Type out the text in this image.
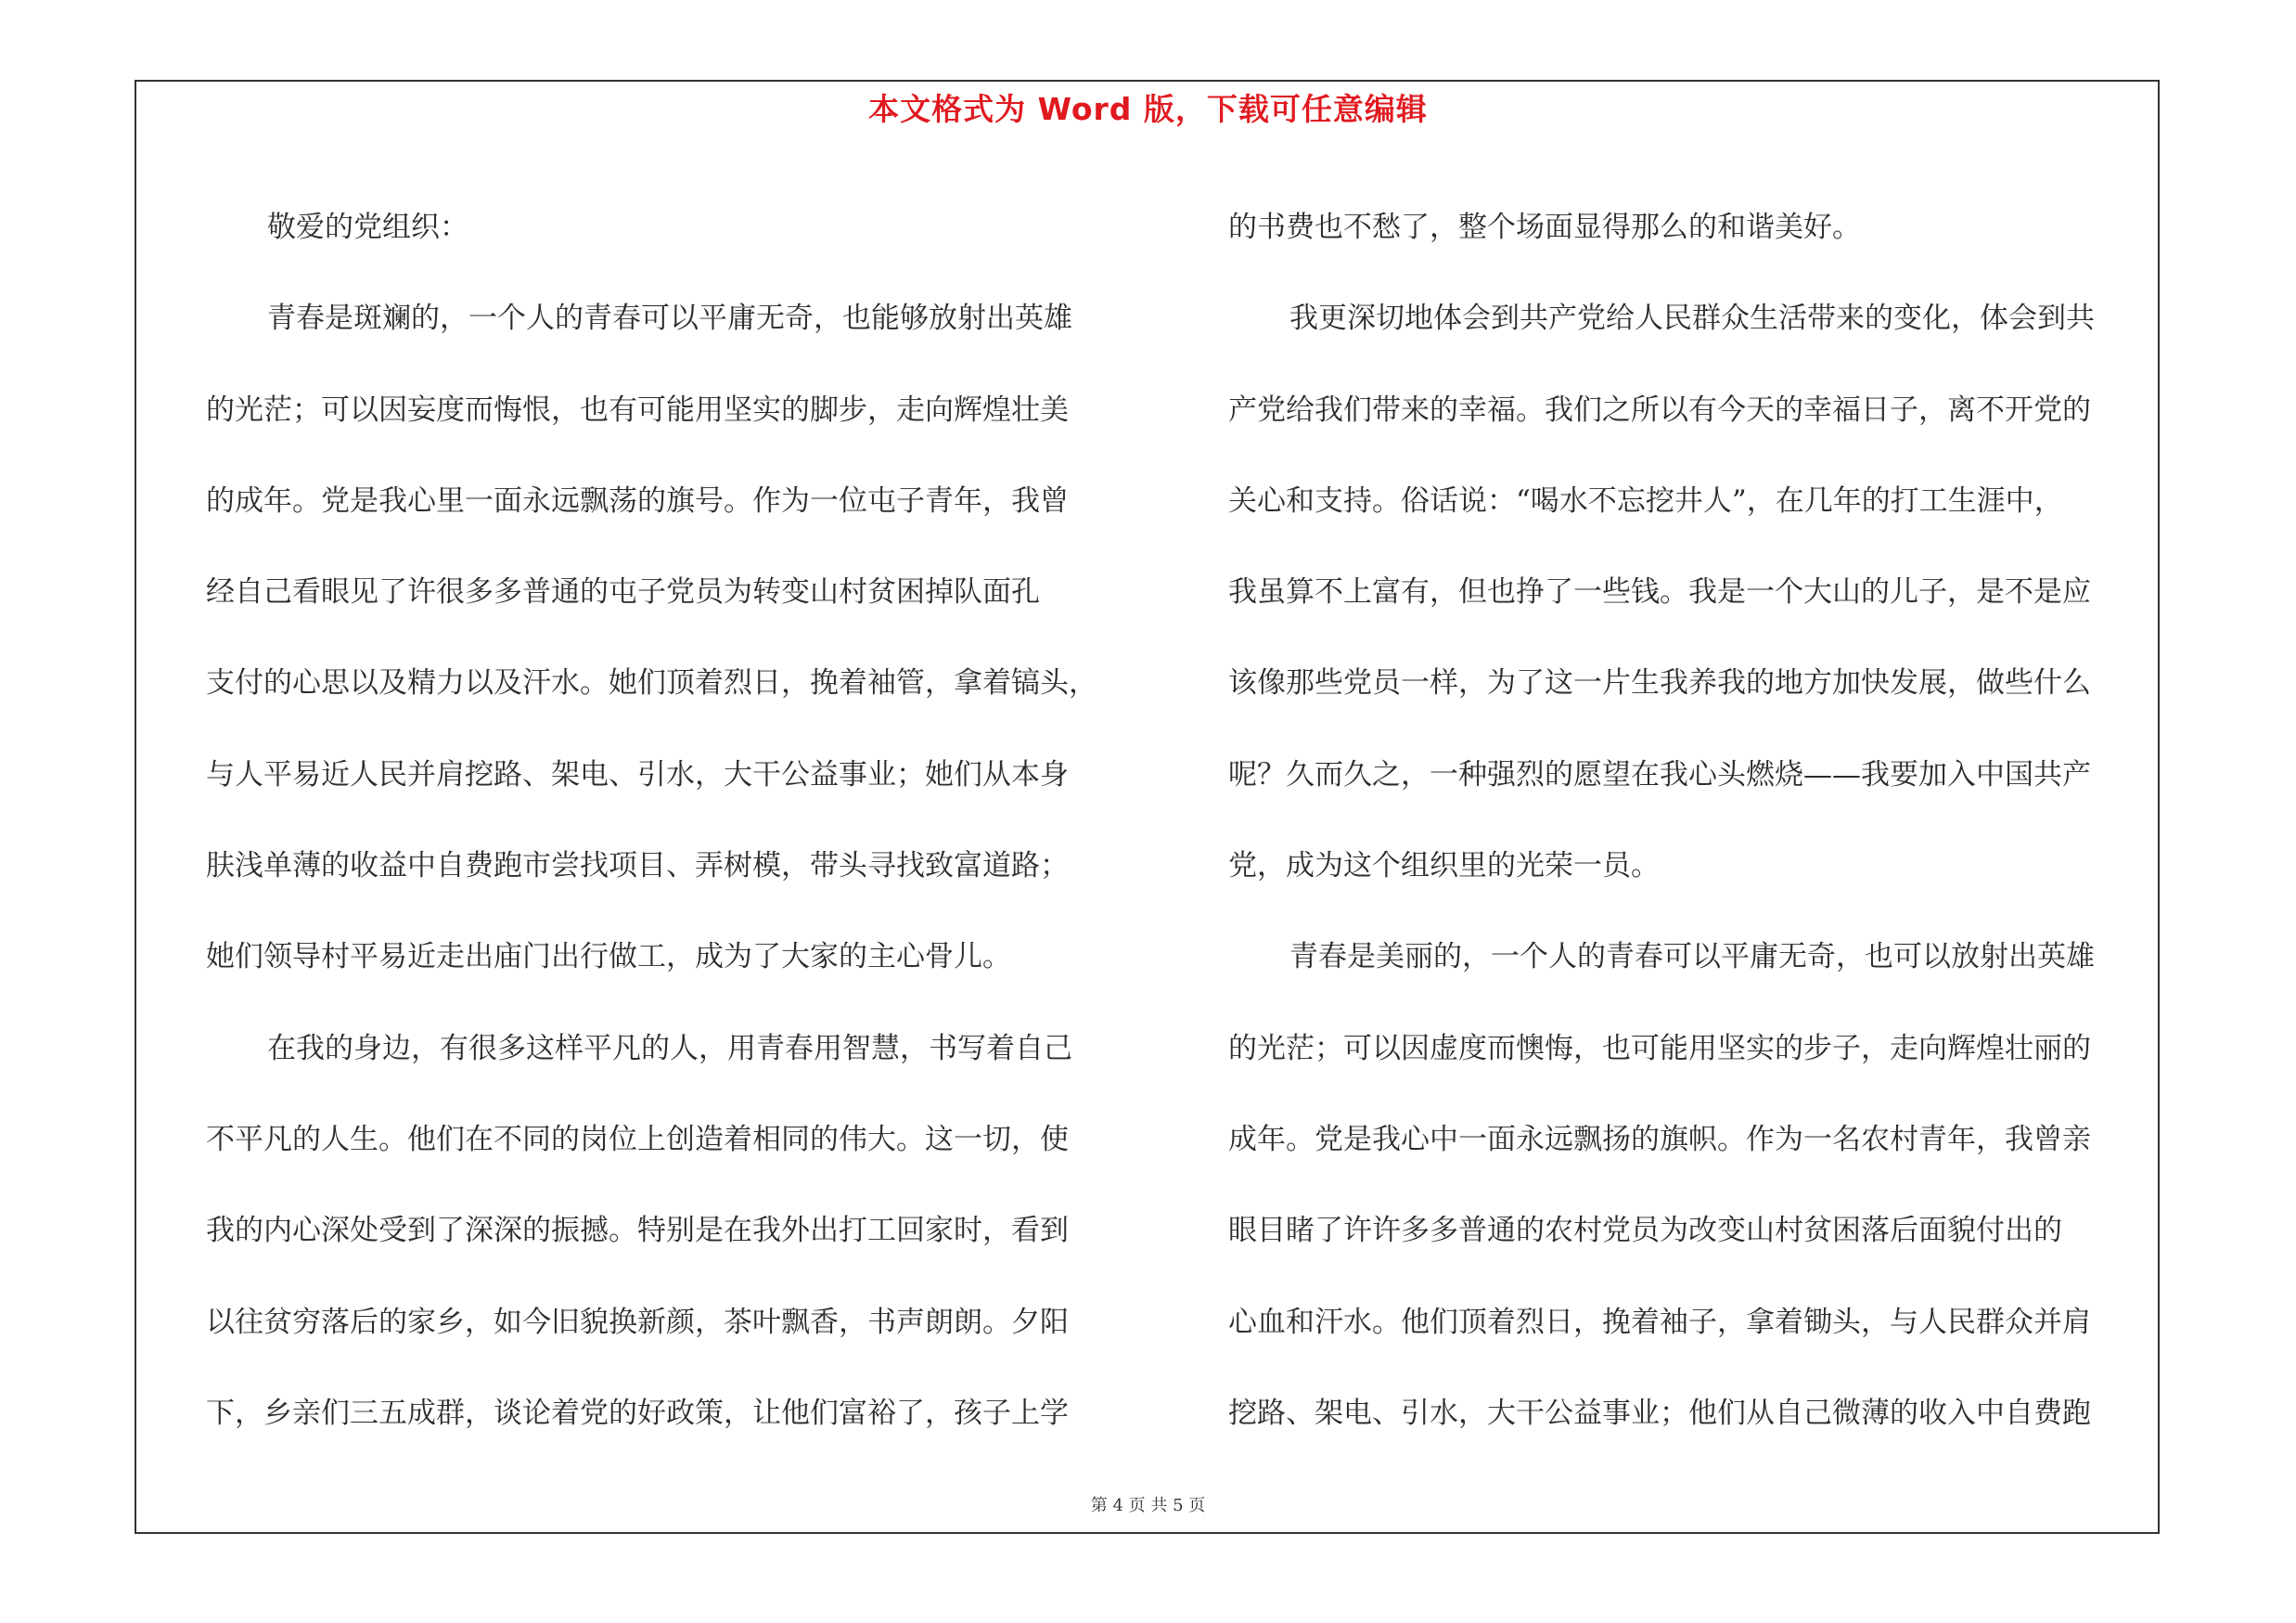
本文格式为 Word 版，下载可任意编辑
敬爱的党组织：
青春是斑斓的，一个人的青春可以平庸无奇，也能够放射出英雄
的光茫；可以因妄度而悔恨，也有可能用坚实的脚步，走向辉煌壮美
的成年。党是我心里一面永远飘荡的旗号。作为一位屯子青年，我曾
经自己看眼见了许很多多普通的屯子党员为转变山村贫困掉队面孔
支付的心思以及精力以及汗水。她们顶着烈日，挽着袖管，拿着镐头，
与人平易近人民并肩挖路、架电、引水，大干公益事业；她们从本身
肤浅单薄的收益中自费跑市尝找项目、弄树模，带头寻找致富道路；
她们领导村平易近走出庙门出行做工，成为了大家的主心骨儿。
在我的身边，有很多这样平凡的人，用青春用智慧，书写着自己
不平凡的人生。他们在不同的岗位上创造着相同的伟大。这一切，使
我的内心深处受到了深深的振撼。特别是在我外出打工回家时，看到
以往贫穷落后的家乡，如今旧貌换新颜，茶叶飘香，书声朗朗。夕阳
下，乡亲们三五成群，谈论着党的好政策，让他们富裕了，孩子上学
的书费也不愁了，整个场面显得那么的和谐美好。
我更深切地体会到共产党给人民群众生活带来的变化，体会到共
产党给我们带来的幸福。我们之所以有今天的幸福日子，离不开党的
关心和支持。俗话说：“喝水不忘挖井人”，在几年的打工生涯中，
我虽算不上富有，但也挣了一些钱。我是一个大山的儿子，是不是应
该像那些党员一样，为了这一片生我养我的地方加快发展，做些什么
呢？久而久之，一种强烈的愿望在我心头燃烧——我要加入中国共产
党，成为这个组织里的光荣一员。
青春是美丽的，一个人的青春可以平庸无奇，也可以放射出英雄
的光茫；可以因虚度而懊悔，也可能用坚实的步子，走向辉煌壮丽的
成年。党是我心中一面永远飘扬的旗帜。作为一名农村青年，我曾亲
眼目睹了许许多多普通的农村党员为改变山村贫困落后面貌付出的
心血和汗水。他们顶着烈日，挽着袖子，拿着锄头，与人民群众并肩
挖路、架电、引水，大干公益事业；他们从自己微薄的收入中自费跑
第 4 页 共 5 页
